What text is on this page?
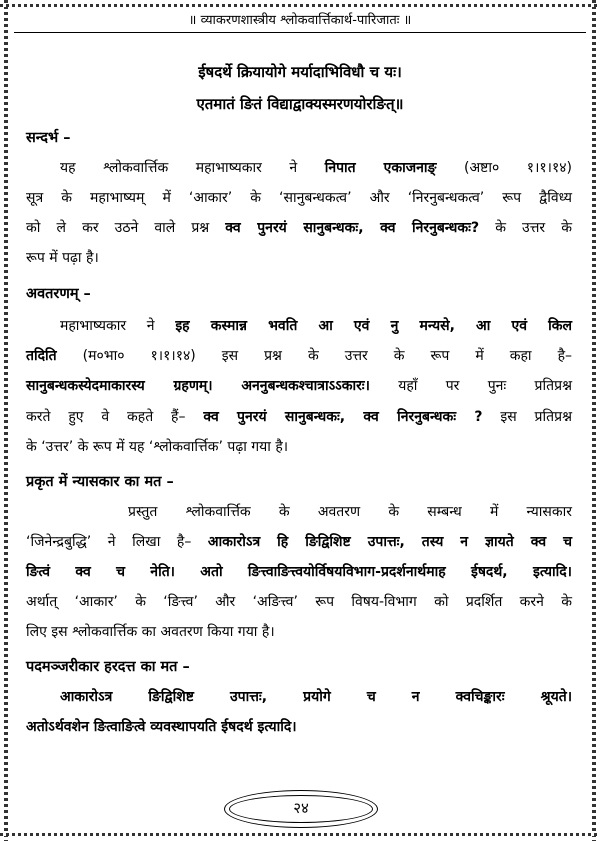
॥ व्याकरणशास्त्रीय श्लोकवार्त्तिकार्थ-पारिजातः ॥
ईषदर्थे क्रियायोगे मर्यादाभिविधौ च यः।
एतमातं ङितं विद्याद्वाक्यस्मरणयोरङित्॥
सन्दर्भ –
यह श्लोकवार्त्तिक महाभाष्यकार ने निपात एकाजनाङ् (अष्टा० १।१।१४)
सूत्र के महाभाष्यम् में ‘आकार’ के ‘सानुबन्धकत्व’ और ‘निरनुबन्धकत्व’ रूप द्वैविध्य
को ले कर उठने वाले प्रश्न क्व पुनरयं सानुबन्धकः, क्व निरनुबन्धकः? के उत्तर के
रूप में पढ़ा है।
अवतरणम् –
महाभाष्यकार ने इह कस्मान्न भवति आ एवं नु मन्यसे, आ एवं किल
तदिति (म०भा० १।१।१४) इस प्रश्न के उत्तर के रूप में कहा है–
सानुबन्धकस्येदमाकारस्य ग्रहणम्। अननुबन्धकश्चात्राऽऽकारः। यहाँ पर पुनः प्रतिप्रश्न
करते हुए वे कहते हैं– क्व पुनरयं सानुबन्धकः, क्व निरनुबन्धकः ? इस प्रतिप्रश्न
के ‘उत्तर’ के रूप में यह ‘श्लोकवार्त्तिक’ पढ़ा गया है।
प्रकृत में न्यासकार का मत –
प्रस्तुत श्लोकवार्त्तिक के अवतरण के सम्बन्ध में न्यासकार
‘जिनेन्द्रबुद्धि’ ने लिखा है– आकारोऽत्र हि ङिद्विशिष्ट उपात्तः, तस्य न ज्ञायते क्व च
ङित्वं क्व च नेति। अतो ङित्त्वाङित्त्वयोर्विषयविभाग-प्रदर्शनार्थमाह ईषदर्थ, इत्यादि।
अर्थात् ‘आकार’ के ‘ङित्त्व’ और ‘अङित्त्व’ रूप विषय-विभाग को प्रदर्शित करने के
लिए इस श्लोकवार्त्तिक का अवतरण किया गया है।
पदमञ्जरीकार हरदत्त का मत –
आकारोऽत्र ङिद्विशिष्ट उपात्तः, प्रयोगे च न क्वचिङ्कारः श्रूयते।
अतोऽर्थवशेन ङित्वाङित्वे व्यवस्थापयति ईषदर्थ इत्यादि।
२४
